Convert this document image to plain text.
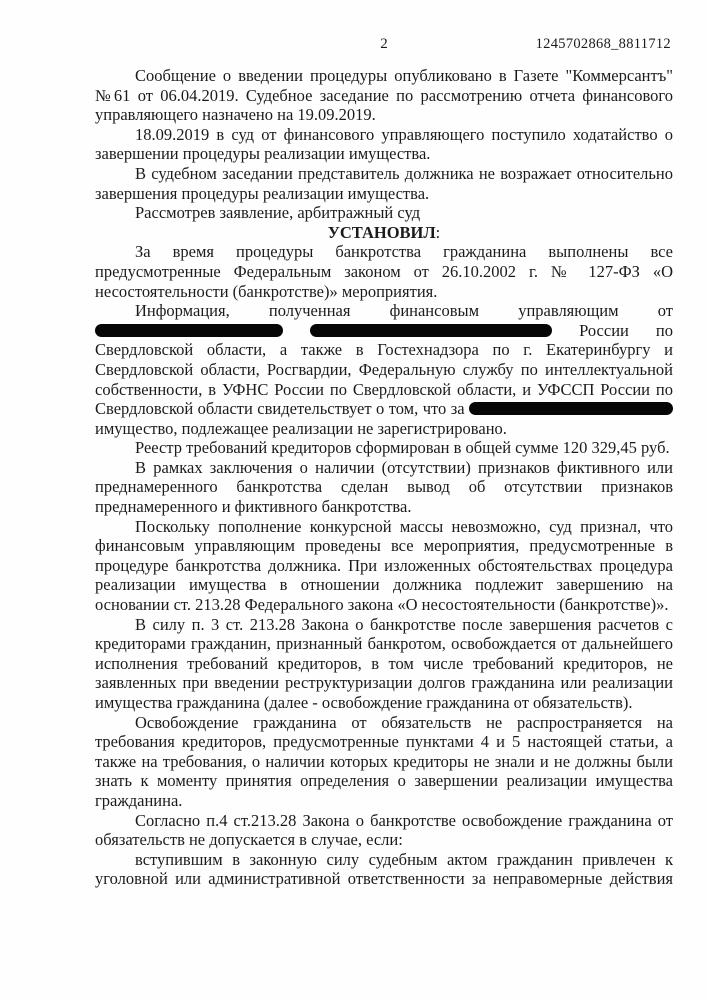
2	1245702868_8811712

Сообщение о введении процедуры опубликовано в Газете "Коммерсантъ" №61 от 06.04.2019. Судебное заседание по рассмотрению отчета финансового управляющего назначено на 19.09.2019.

18.09.2019 в суд от финансового управляющего поступило ходатайство о завершении процедуры реализации имущества.

В судебном заседании представитель должника не возражает относительно завершения процедуры реализации имущества.

Рассмотрев заявление, арбитражный суд

УСТАНОВИЛ:

За время процедуры банкротства гражданина выполнены все предусмотренные Федеральным законом от 26.10.2002 г. № 127-ФЗ «О несостоятельности (банкротстве)» мероприятия.

Информация, полученная финансовым управляющим от  России по Свердловской области, а также в Гостехнадзора по г. Екатеринбургу и Свердловской области, Росгвардии, Федеральную службу по интеллектуальной собственности, в УФНС России по Свердловской области, и УФССП России по Свердловской области свидетельствует о том, что за  имущество, подлежащее реализации не зарегистрировано.

Реестр требований кредиторов сформирован в общей сумме 120 329,45 руб.

В рамках заключения о наличии (отсутствии) признаков фиктивного или преднамеренного банкротства сделан вывод об отсутствии признаков преднамеренного и фиктивного банкротства.

Поскольку пополнение конкурсной массы невозможно, суд признал, что финансовым управляющим проведены все мероприятия, предусмотренные в процедуре банкротства должника. При изложенных обстоятельствах процедура реализации имущества в отношении должника подлежит завершению на основании ст. 213.28 Федерального закона «О несостоятельности (банкротстве)».

В силу п. 3 ст. 213.28 Закона о банкротстве после завершения расчетов с кредиторами гражданин, признанный банкротом, освобождается от дальнейшего исполнения требований кредиторов, в том числе требований кредиторов, не заявленных при введении реструктуризации долгов гражданина или реализации имущества гражданина (далее - освобождение гражданина от обязательств).

Освобождение гражданина от обязательств не распространяется на требования кредиторов, предусмотренные пунктами 4 и 5 настоящей статьи, а также на требования, о наличии которых кредиторы не знали и не должны были знать к моменту принятия определения о завершении реализации имущества гражданина.

Согласно п.4 ст.213.28 Закона о банкротстве освобождение гражданина от обязательств не допускается в случае, если:

вступившим в законную силу судебным актом гражданин привлечен к уголовной или административной ответственности за неправомерные действия
